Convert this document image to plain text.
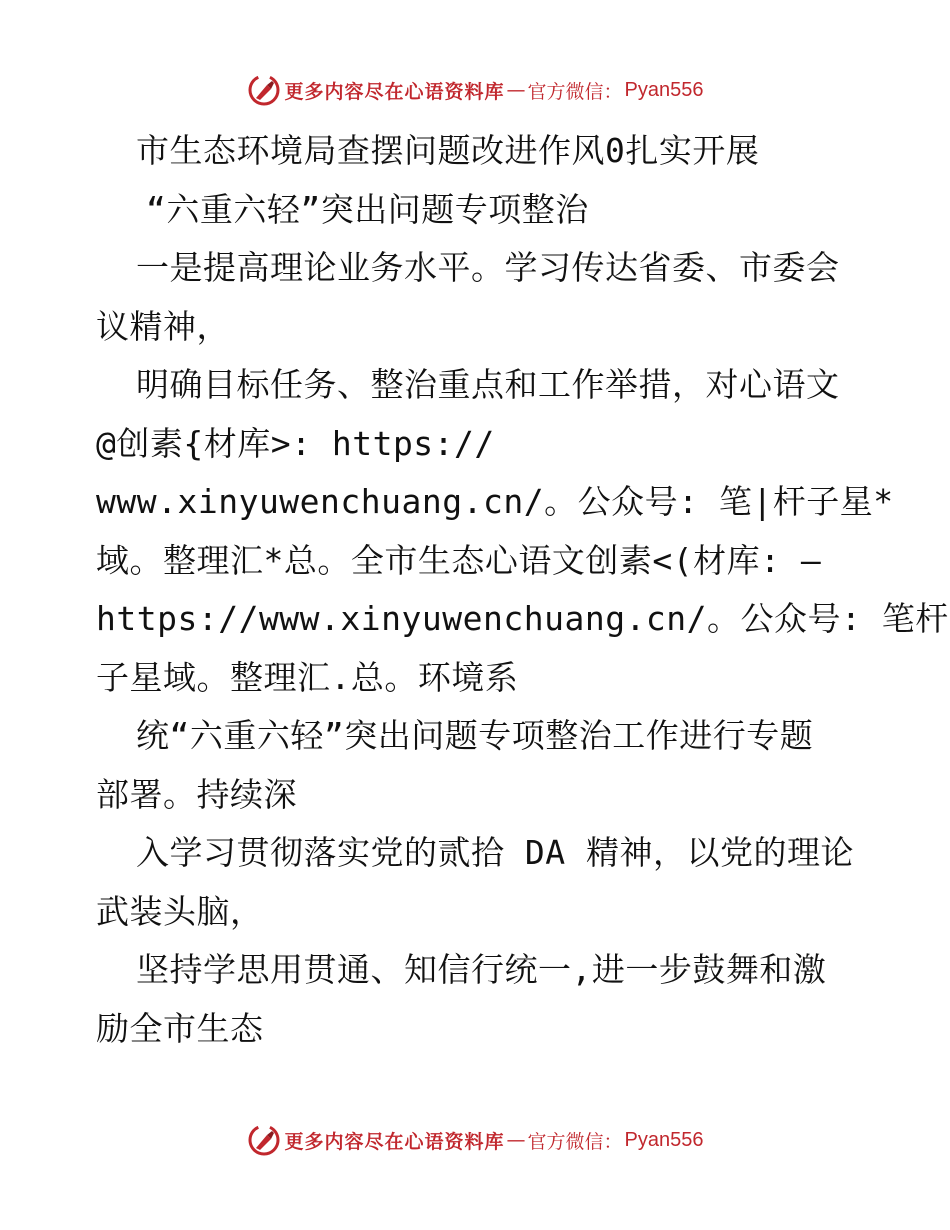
更多内容尽在心语资料库 — 官方微信： Pyan556
市生态环境局查摆问题改进作风0扎实开展
“六重六轻”突出问题专项整治
一是提高理论业务水平。学习传达省委、市委会
议精神，
明确目标任务、整治重点和工作举措，对心语文
@创素{材库>: https://
www.xinyuwenchuang.cn/。公众号: 笔|杆子星*
域。整理汇*总。全市生态心语文创素<(材库: —
https://www.xinyuwenchuang.cn/。公众号: 笔杆
子星域。整理汇.总。环境系
统“六重六轻”突出问题专项整治工作进行专题
部署。持续深
入学习贯彻落实党的贰拾 DA 精神，以党的理论
武装头脑，
坚持学思用贯通、知信行统一,进一步鼓舞和激
励全市生态
更多内容尽在心语资料库 — 官方微信： Pyan556
